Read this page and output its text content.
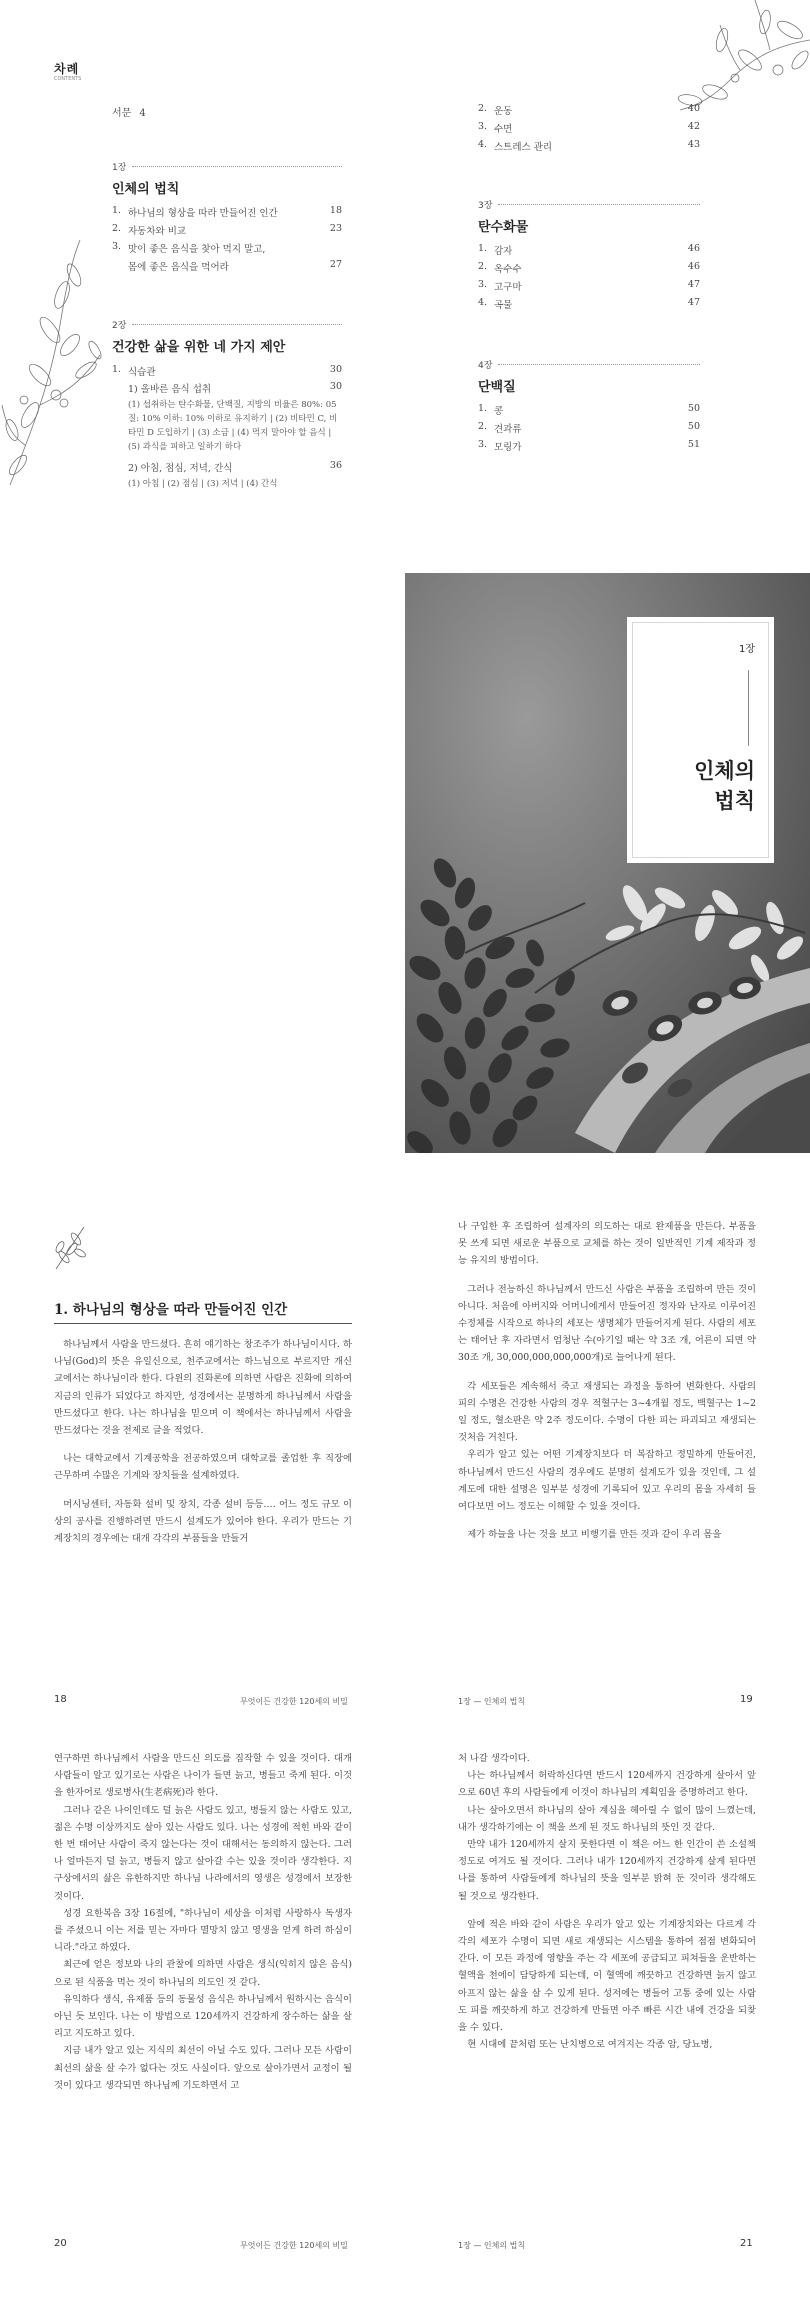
차례
CONTENTS
서문 4
1장
인체의 법칙
1. 하나님의 형상을 따라 만들어진 인간	18
2. 자동차와 비교	23
3. 맛이 좋은 음식을 찾아 먹지 말고,
몸에 좋은 음식을 먹어라	27
2장
건강한 삶을 위한 네 가지 제안
1. 식습관	30
1) 올바른 음식 섭취	30
(1) 섭취하는 탄수화물, 단백질, 지방의 비율은 80%: 05
질: 10% 이하: 10% 이하로 유지하기 | (2) 비타민 C, 비
타민 D 도입하기 | (3) 소금 | (4) 먹지 말아야 할 음식 |
(5) 과식을 피하고 일하기 하다
2) 아침, 점심, 저녁, 간식	36
(1) 아침 | (2) 점심 | (3) 저녁 | (4) 간식
2. 운동	40
3. 수면	42
4. 스트레스 관리	43
3장
탄수화물
1. 감자	46
2. 옥수수	46
3. 고구마	47
4. 곡물	47
4장
단백질
1. 콩	50
2. 견과류	50
3. 모링가	51
1장
인체의
법칙
1. 하나님의 형상을 따라 만들어진 인간

하나님께서 사람을 만드셨다. 흔히 얘기하는 창조주가 하나님이시다. 하나님(God)의 뜻은 유일신으로, 천주교에서는 하느님으로 부르지만 개신교에서는 하나님이라 한다. 다윈의 진화론에 의하면 사람은 진화에 의하여 지금의 인류가 되었다고 하지만, 성경에서는 분명하게 하나님께서 사람을 만드셨다고 한다. 나는 하나님을 믿으며 이 책에서는 하나님께서 사람을 만드셨다는 것을 전제로 글을 적었다.

나는 대학교에서 기계공학을 전공하였으며 대학교를 졸업한 후 직장에 근무하며 수많은 기계와 장치들을 설계하였다.

머시닝센터, 자동화 설비 및 장치, 각종 설비 등등…. 어느 정도 규모 이상의 공사를 진행하려면 만드시 설계도가 있어야 한다. 우리가 만드는 기계장치의 경우에는 대개 각각의 부품들을 만들거

18	무엇이든 건강한 120세의 비밀

나 구입한 후 조립하여 설계자의 의도하는 대로 완제품을 만든다. 부품을 못 쓰게 되면 새로운 부품으로 교체를 하는 것이 일반적인 기계 제작과 정능 유지의 방법이다.

그러나 전능하신 하나님께서 만드신 사람은 부품을 조립하여 만든 것이 아니다. 처음에 아버지와 어머니에게서 만들어진 정자와 난자로 이루어진 수정체를 시작으로 하나의 세포는 생명체가 만들어지게 된다. 사람의 세포는 태어난 후 자라면서 엄청난 수(아기일 때는 약 3조 개, 어른이 되면 약 30조 개, 30,000,000,000,000개)로 늘어나게 된다.

각 세포들은 계속해서 죽고 재생되는 과정을 통하여 변화한다. 사람의 피의 수명은 건강한 사람의 경우 적혈구는 3~4개월 정도, 백혈구는 1~2일 정도, 혈소판은 약 2주 정도이다. 수명이 다한 피는 파괴되고 재생되는 것처음 거친다.

우리가 알고 있는 어떤 기계장치보다 더 복잡하고 정밀하게 만들어진, 하나님께서 만드신 사람의 경우에도 분명히 설계도가 있을 것인데, 그 설계도에 대한 설명은 일부분 성경에 기록되어 있고 우리의 몸을 자세히 들여다보면 어느 정도는 이해할 수 있을 것이다.

제가 하늘을 나는 것을 보고 비행기를 만든 것과 같이 우리 몸을

1장 — 인체의 법칙	19

연구하면 하나님께서 사람을 만드신 의도를 짐작할 수 있을 것이다. 대개 사람들이 알고 있기로는 사람은 나이가 들면 늙고, 병들고 죽게 된다. 이것을 한자어로 생로병사(生老病死)라 한다.

그러나 같은 나이인데도 덜 늙은 사람도 있고, 병들지 않는 사람도 있고, 젊은 수명 이상까지도 살아 있는 사람도 있다. 나는 성경에 적힌 바와 같이 한 번 태어난 사람이 죽지 않는다는 것이 대해서는 동의하지 않는다. 그러나 얼마든지 덜 늙고, 병들지 않고 살아갈 수는 있을 것이라 생각한다. 지구상에서의 삶은 유한하지만 하나님 나라에서의 영생은 성경에서 보장한 것이다.

성경 요한복음 3장 16절에, "하나님이 세상을 이처럼 사랑하사 독생자를 주셨으니 이는 저를 믿는 자마다 멸망치 않고 영생을 얻게 하려 하심이니라."라고 하였다.

최근에 얻은 정보와 나의 관찰에 의하면 사람은 생식(익히지 않은 음식)으로 된 식품을 먹는 것이 하나님의 의도인 것 같다.

유익하다 생식, 유제품 등의 동물성 음식은 하나님께서 원하시는 음식이 아닌 듯 보인다. 나는 이 방법으로 120세까지 건강하게 장수하는 삶을 살리고 지도하고 있다.

지금 내가 알고 있는 지식의 최선이 아닐 수도 있다. 그러나 모든 사람이 최선의 삶을 살 수가 없다는 것도 사실이다. 앞으로 살아가면서 교정이 될 것이 있다고 생각되면 하나님께 기도하면서 고

20	무엇이든 건강한 120세의 비밀

처 나갈 생각이다.

나는 하나님께서 허락하신다면 반드시 120세까지 건강하게 살아서 앞으로 60년 후의 사람들에게 이것이 하나님의 계획임을 증명하려고 한다.

나는 살아오면서 하나님의 살아 계심을 헤아릴 수 없이 많이 느꼈는데, 내가 생각하기에는 이 책을 쓰게 된 것도 하나님의 뜻인 것 같다.

만약 내가 120세까지 살지 못한다면 이 책은 어느 한 인간이 쓴 소설책 정도로 여겨도 될 것이다. 그러나 내가 120세까지 건강하게 살게 된다면 나를 통하여 사람들에게 하나님의 뜻을 일부분 밝혀 둔 것이라 생각해도 될 것으로 생각한다.

앞에 적은 바와 같이 사람은 우리가 알고 있는 기계장치와는 다르게 각각의 세포가 수명이 되면 새로 재생되는 시스템을 통하여 점점 변화되어 간다. 이 모든 과정에 영향을 주는 각 세포에 공급되고 피쳐들을 운반하는 혈액을 천에이 담당하게 되는데, 이 혈액에 깨끗하고 건강하면 늙지 않고 아프지 않는 삶을 살 수 있게 된다. 성저에는 병들어 고통 중에 있는 사람도 피를 깨끗하게 하고 건강하게 만들면 아주 빠른 시간 내에 건강을 되찾을 수 있다.

현 시대에 끝처럼 또는 난치병으로 여겨지는 각종 암, 당뇨병,

1장 — 인체의 법칙	21
